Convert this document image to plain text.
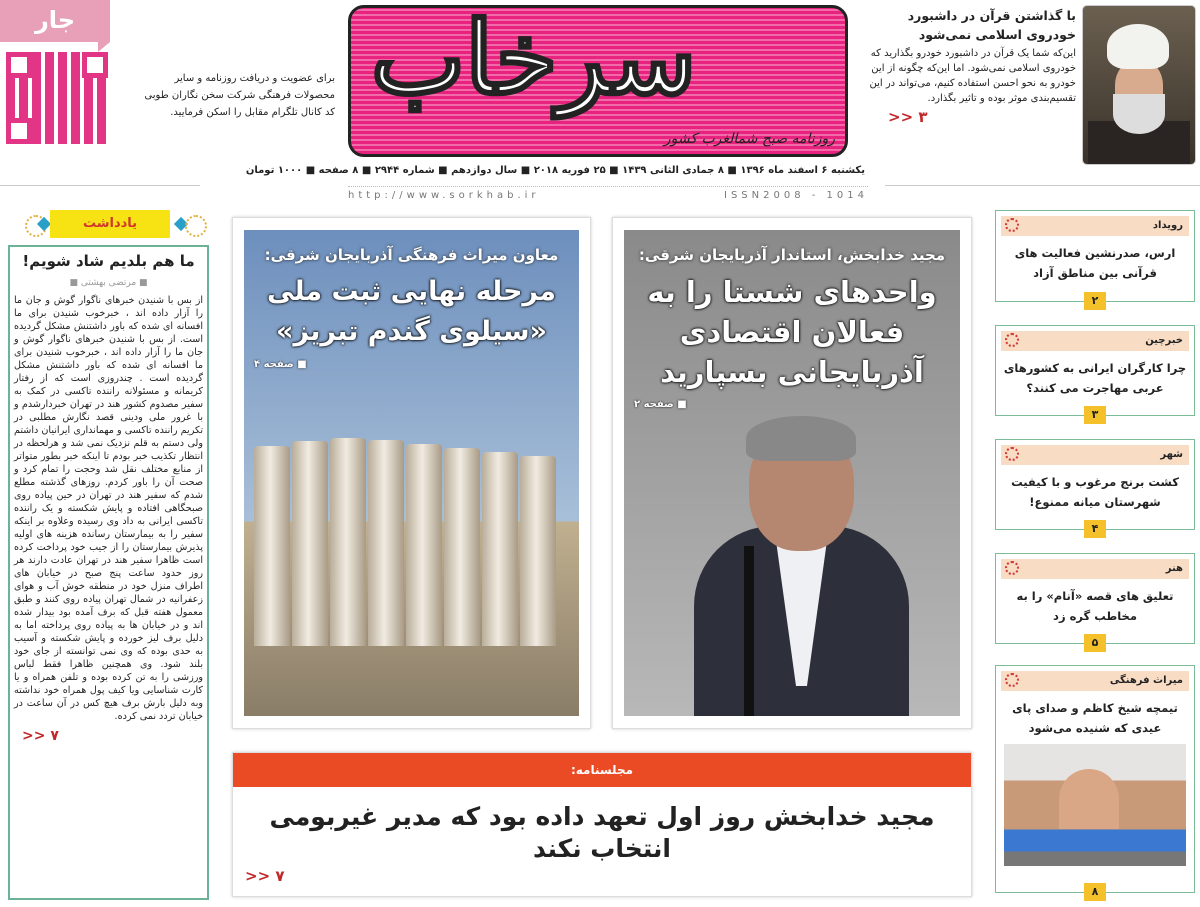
جار
برای عضویت و دریافت روزنامه و سایر محصولات فرهنگی شرکت سخن نگاران طوبی کد کانال تلگرام مقابل را اسکن فرمایید. سرخاب
روزنامه صبح شمالغرب کشور
یکشنبه ۶ اسفند ماه ۱۳۹۶ ■ ۸ جمادی الثانی ۱۴۳۹ ■ ۲۵ فوریه ۲۰۱۸ ■ سال دوازدهم ■ شماره ۲۹۴۴ ■ ۸ صفحه ■ ۱۰۰۰ تومان
http://www.sorkhab.ir	ISSN2008 - 1014
با گذاشتن قرآن در داشبورد خودروی اسلامی نمی‌شود
این‌که شما یک قرآن در داشبورد خودرو بگذارید که خودروی اسلامی نمی‌شود. اما این‌که چگونه از این خودرو به نحو احسن استفاده کنیم، می‌تواند در این تقسیم‌بندی موثر بوده و تاثیر بگذارد.
۳ <<
یادداشت
ما هم بلدیم شاد شویم!
■ مرتضی بهشتی ■
از بس با شنیدن خبرهای ناگوار گوش و جان ما را آزار داده اند ، خبرخوب شنیدن برای ما افسانه ای شده که باور داشتنش مشکل گردیده است. از بس با شنیدن خبرهای ناگوار گوش و جان ما را آزار داده اند ، خبرخوب شنیدن برای ما افسانه ای شده که باور داشتنش مشکل گردیده است . چندروزی است که از رفتار کریمانه و مسئولانه راننده تاکسی در کمک به سفیر مصدوم کشور هند در تهران خبردارشدم و با غرور ملی ودینی قصد نگارش مطلبی در تکریم راننده تاکسی و مهمانداری ایرانیان داشتم ولی دستم به قلم نزدیک نمی شد و هرلحظه در انتظار تکذیب خبر بودم تا اینکه خبر بطور متواتر از منابع مختلف نقل شد وحجت را تمام کرد و صحت آن را باور کردم. روزهای گذشته مطلع شدم که سفیر هند در تهران در حین پیاده روی صبحگاهی افتاده و پایش شکسته و یک راننده تاکسی ایرانی به داد وی رسیده وعلاوه بر اینکه سفیر را به بیمارستان رسانده هزینه های اولیه پذیرش بیمارستان را از جیب خود پرداخت کرده است ظاهرا سفیر هند در تهران عادت دارند هر روز حدود ساعت پنج صبح در خیابان های اطراف منزل خود در منطقه خوش آب و هوای زعفرانیه در شمال تهران پیاده روی کنند و طبق معمول هفته قبل که برف آمده بود بیدار شده اند و در خیابان ها به پیاده روی پرداخته اما به دلیل برف لیز خورده و پایش شکسته و آسیب به حدی بوده که وی نمی توانسته از جای خود بلند شود. وی همچنین ظاهرا فقط لباس ورزشی را به تن کرده بوده و تلفن همراه و یا کارت شناسایی ویا کیف پول همراه خود نداشته وبه دلیل بارش برف هیچ کس در آن ساعت در خیابان تردد نمی کرده.
۷ <<
معاون میراث فرهنگی آذربایجان شرقی:
مرحله نهایی ثبت ملی «سیلوی گندم تبریز»
■ صفحه ۴
مجید خدابخش، استاندار آذربایجان شرقی:
واحدهای شستا را به فعالان اقتصادی آذربایجانی بسپارید
■ صفحه ۲
مجلسنامه:
مجید خدابخش روز اول تعهد داده بود که مدیر غیربومی انتخاب نکند
۷ <<
رویداد
ارس، صدرنشین فعالیت های قرآنی بین مناطق آزاد
۲
خبرچین
چرا کارگران ایرانی به کشورهای عربی مهاجرت می کنند؟
۳
شهر
کشت برنج مرغوب و با کیفیت شهرستان میانه ممنوع!
۴
هنر
تعلیق های قصه «آنام» را به مخاطب گره زد
۵
میراث فرهنگی
تیمچه شیخ کاظم و صدای پای عیدی که شنیده می‌شود
۸
